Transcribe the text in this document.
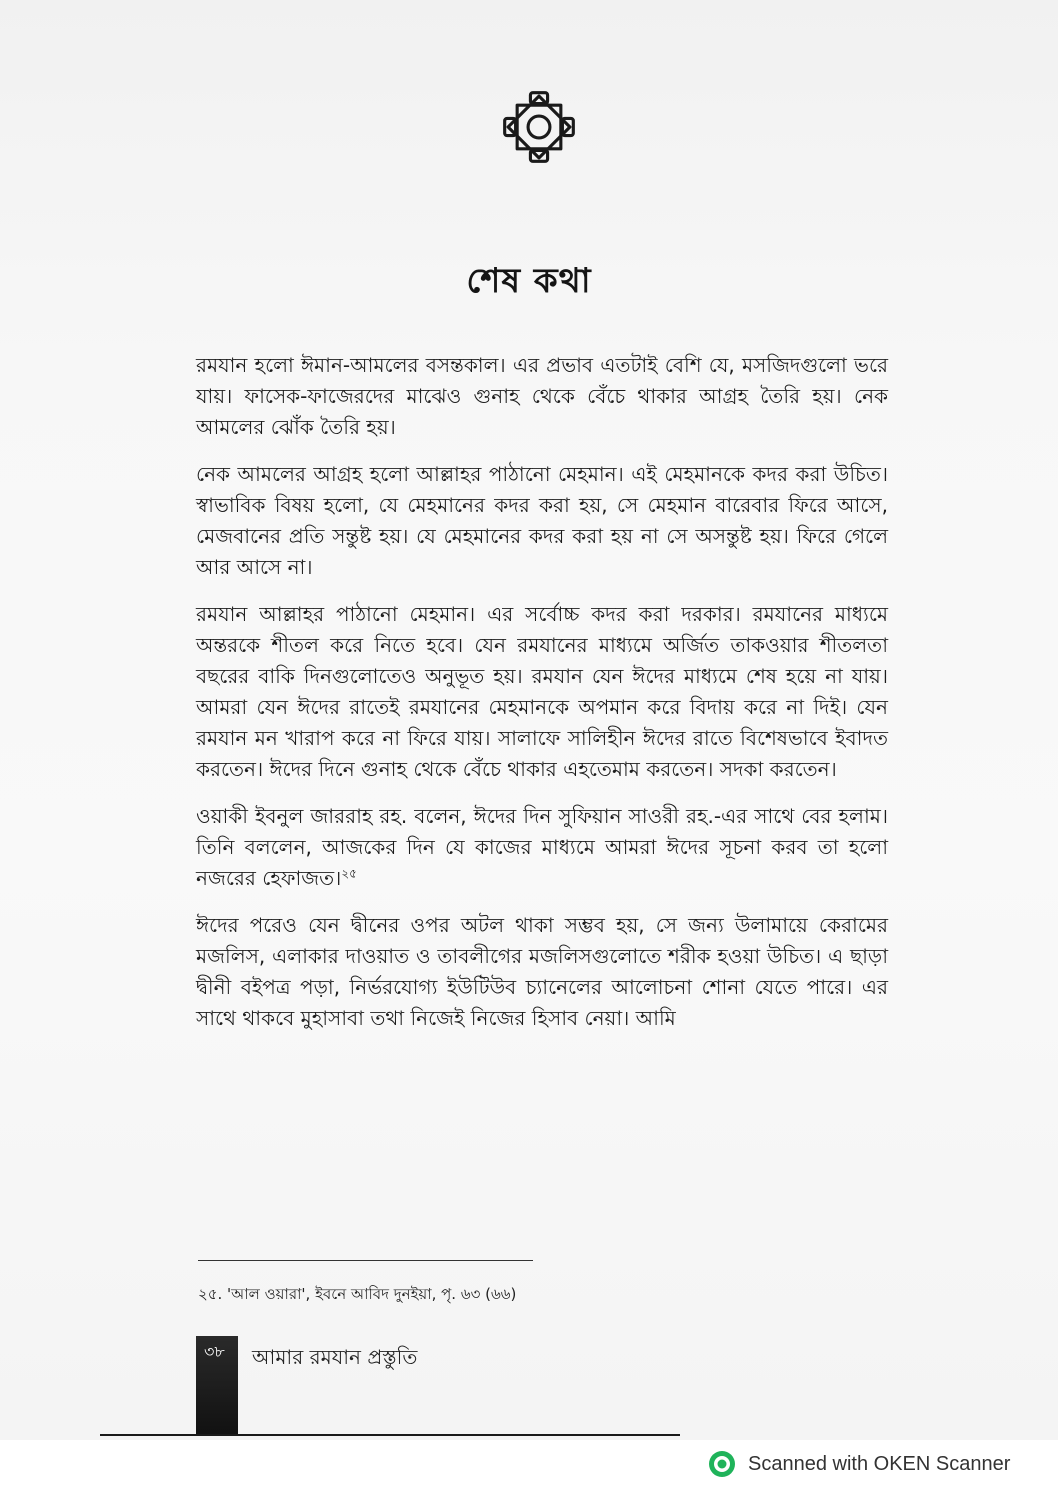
শেষ কথা

রমযান হলো ঈমান-আমলের বসন্তকাল। এর প্রভাব এতটাই বেশি যে, মসজিদগুলো ভরে যায়। ফাসেক-ফাজেরদের মাঝেও গুনাহ থেকে বেঁচে থাকার আগ্রহ তৈরি হয়। নেক আমলের ঝোঁক তৈরি হয়।

নেক আমলের আগ্রহ হলো আল্লাহর পাঠানো মেহমান। এই মেহমানকে কদর করা উচিত। স্বাভাবিক বিষয় হলো, যে মেহমানের কদর করা হয়, সে মেহমান বারেবার ফিরে আসে, মেজবানের প্রতি সন্তুষ্ট হয়। যে মেহমানের কদর করা হয় না সে অসন্তুষ্ট হয়। ফিরে গেলে আর আসে না।

রমযান আল্লাহর পাঠানো মেহমান। এর সর্বোচ্চ কদর করা দরকার। রমযানের মাধ্যমে অন্তরকে শীতল করে নিতে হবে। যেন রমযানের মাধ্যমে অর্জিত তাকওয়ার শীতলতা বছরের বাকি দিনগুলোতেও অনুভূত হয়। রমযান যেন ঈদের মাধ্যমে শেষ হয়ে না যায়। আমরা যেন ঈদের রাতেই রমযানের মেহমানকে অপমান করে বিদায় করে না দিই। যেন রমযান মন খারাপ করে না ফিরে যায়। সালাফে সালিহীন ঈদের রাতে বিশেষভাবে ইবাদত করতেন। ঈদের দিনে গুনাহ থেকে বেঁচে থাকার এহতেমাম করতেন। সদকা করতেন।

ওয়াকী ইবনুল জাররাহ রহ. বলেন, ঈদের দিন সুফিয়ান সাওরী রহ.-এর সাথে বের হলাম। তিনি বললেন, আজকের দিন যে কাজের মাধ্যমে আমরা ঈদের সূচনা করব তা হলো নজরের হেফাজত।$^{২৫}$

ঈদের পরেও যেন দ্বীনের ওপর অটল থাকা সম্ভব হয়, সে জন্য উলামায়ে কেরামের মজলিস, এলাকার দাওয়াত ও তাবলীগের মজলিসগুলোতে শরীক হওয়া উচিত। এ ছাড়া দ্বীনী বইপত্র পড়া, নির্ভরযোগ্য ইউটিউব চ্যানেলের আলোচনা শোনা যেতে পারে। এর সাথে থাকবে মুহাসাবা তথা নিজেই নিজের হিসাব নেয়া। আমি

২৫. 'আল ওয়ারা', ইবনে আবিদ দুনইয়া, পৃ. ৬৩ (৬৬)
৩৮ আমার রমযান প্রস্তুতি
Scanned with OKEN Scanner
